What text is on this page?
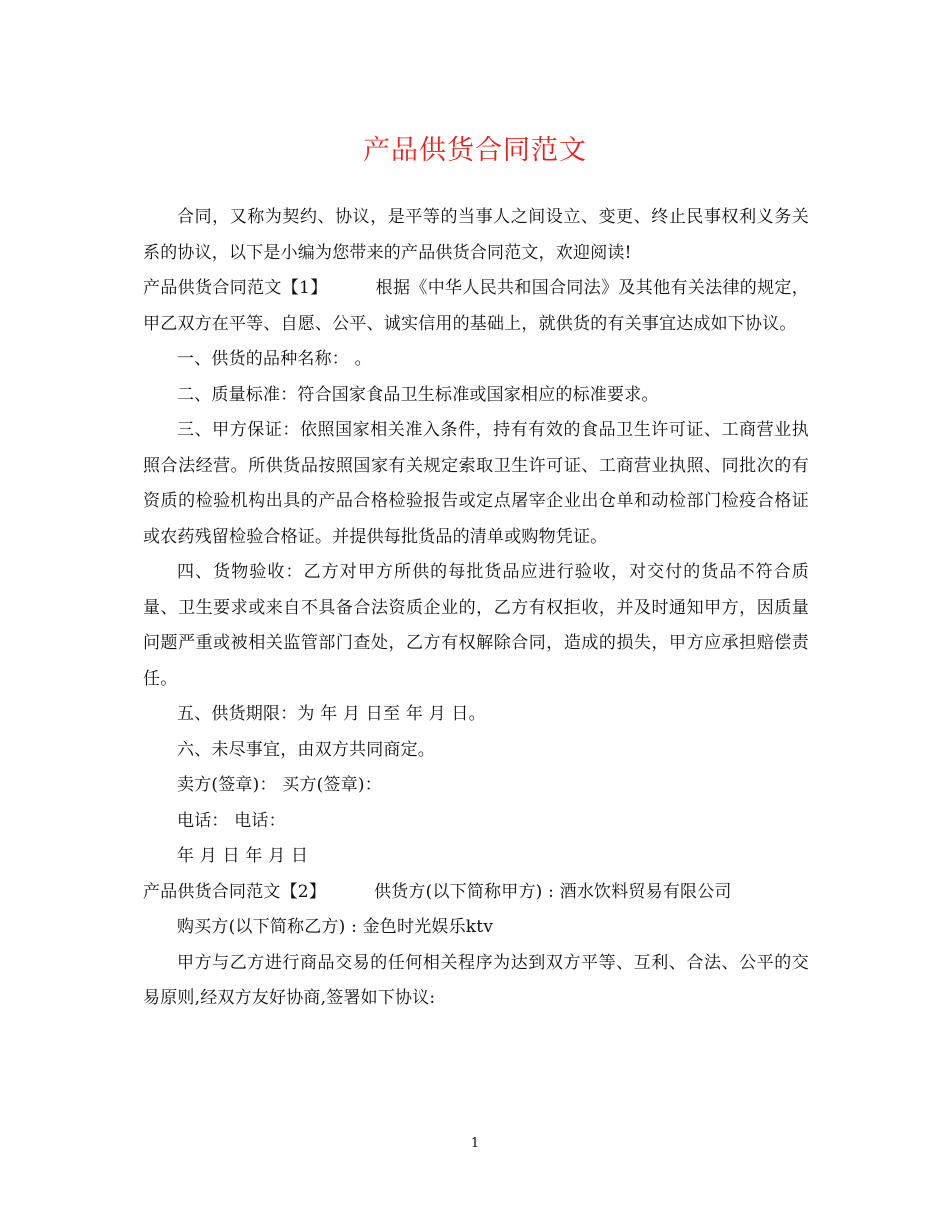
产品供货合同范文

合同，又称为契约、协议，是平等的当事人之间设立、变更、终止民事权利义务关系的协议，以下是小编为您带来的产品供货合同范文，欢迎阅读!

产品供货合同范文【1】	根据《中华人民共和国合同法》及其他有关法律的规定，甲乙双方在平等、自愿、公平、诚实信用的基础上，就供货的有关事宜达成如下协议。

一、供货的品种名称： 。

二、质量标准：符合国家食品卫生标准或国家相应的标准要求。

三、甲方保证：依照国家相关准入条件，持有有效的食品卫生许可证、工商营业执照合法经营。所供货品按照国家有关规定索取卫生许可证、工商营业执照、同批次的有资质的检验机构出具的产品合格检验报告或定点屠宰企业出仓单和动检部门检疫合格证或农药残留检验合格证。并提供每批货品的清单或购物凭证。

四、货物验收：乙方对甲方所供的每批货品应进行验收，对交付的货品不符合质量、卫生要求或来自不具备合法资质企业的，乙方有权拒收，并及时通知甲方，因质量问题严重或被相关监管部门查处，乙方有权解除合同，造成的损失，甲方应承担赔偿责任。

五、供货期限：为 年 月 日至 年 月 日。

六、未尽事宜，由双方共同商定。

卖方(签章)： 买方(签章)：

电话： 电话：

年 月 日 年 月 日

产品供货合同范文【2】	供货方(以下简称甲方) : 酒水饮料贸易有限公司

购买方(以下简称乙方) : 金色时光娱乐ktv

甲方与乙方进行商品交易的任何相关程序为达到双方平等、互利、合法、公平的交易原则,经双方友好协商,签署如下协议:

1
